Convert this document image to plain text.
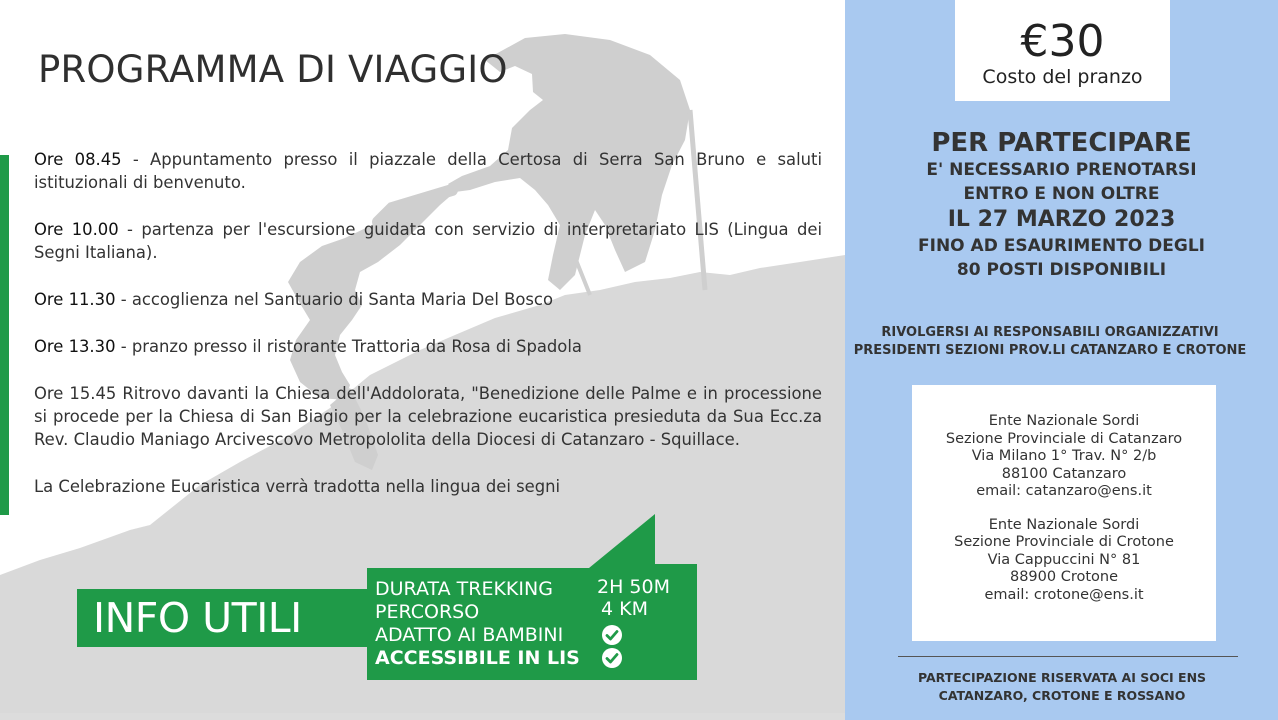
PROGRAMMA DI VIAGGIO

Ore 08.45 - Appuntamento presso il piazzale della Certosa di Serra San Bruno e saluti istituzionali di benvenuto.

Ore 10.00 - partenza per l'escursione guidata con servizio di interpretariato LIS (Lingua dei Segni Italiana).

Ore 11.30 - accoglienza nel Santuario di Santa Maria Del Bosco

Ore 13.30 - pranzo presso il ristorante Trattoria da Rosa di Spadola

Ore 15.45 Ritrovo davanti la Chiesa dell'Addolorata, "Benedizione delle Palme e in processione si procede per la Chiesa di San Biagio per la celebrazione eucaristica presieduta da Sua Ecc.za Rev. Claudio Maniago Arcivescovo Metropololita della Diocesi di Catanzaro - Squillace.

La Celebrazione Eucaristica verrà tradotta nella lingua dei segni

INFO UTILI
DURATA TREKKING 2H 50M
PERCORSO	4 KM
ADATTO AI BAMBINI
ACCESSIBILE IN LIS
€30
Costo del pranzo
PER PARTECIPARE
E' NECESSARIO PRENOTARSI
ENTRO E NON OLTRE
IL 27 MARZO 2023
FINO AD ESAURIMENTO DEGLI
80 POSTI DISPONIBILI
RIVOLGERSI AI RESPONSABILI ORGANIZZATIVI
PRESIDENTI SEZIONI PROV.LI CATANZARO E CROTONE
Ente Nazionale Sordi
Sezione Provinciale di Catanzaro
Via Milano 1° Trav. N° 2/b
88100 Catanzaro
email: catanzaro@ens.it
Ente Nazionale Sordi
Sezione Provinciale di Crotone
Via Cappuccini N° 81
88900 Crotone
email: crotone@ens.it
PARTECIPAZIONE RISERVATA AI SOCI ENS
CATANZARO, CROTONE E ROSSANO
